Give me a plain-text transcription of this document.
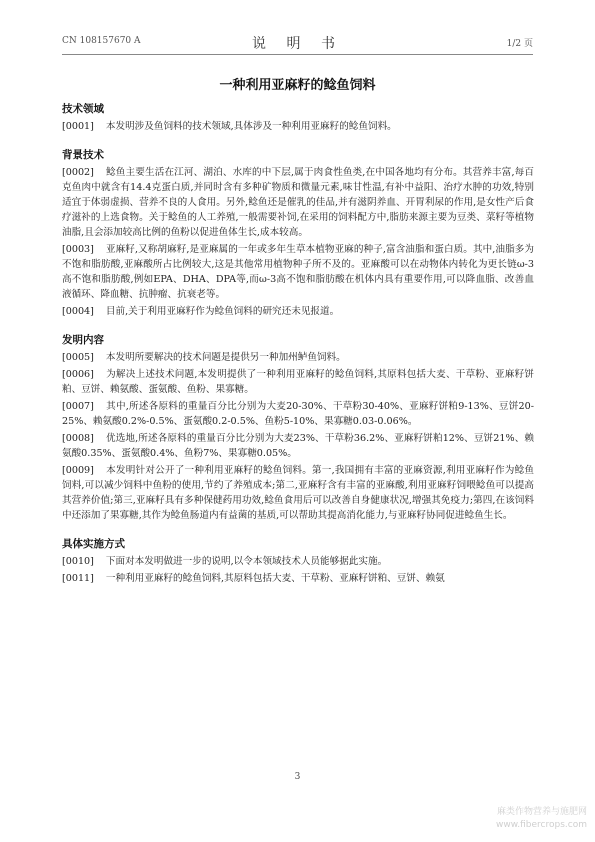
CN 108157670 A	说 明 书	1/2 页
一种利用亚麻籽的鲶鱼饲料
技术领域

[0001] 本发明涉及鱼饲料的技术领域,具体涉及一种利用亚麻籽的鲶鱼饲料。

背景技术

[0002] 鲶鱼主要生活在江河、湖泊、水库的中下层,属于肉食性鱼类,在中国各地均有分布。其营养丰富,每百克鱼肉中就含有14.4克蛋白质,并同时含有多种矿物质和微量元素,味甘性温,有补中益阳、治疗水肿的功效,特别适宜于体弱虚损、营养不良的人食用。另外,鲶鱼还是催乳的佳品,并有滋阴养血、开胃利尿的作用,是女性产后食疗滋补的上选食物。关于鲶鱼的人工养殖,一般需要补饲,在采用的饲料配方中,脂肪来源主要为豆类、菜籽等植物油脂,且会添加较高比例的鱼粉以促进鱼体生长,成本较高。

[0003] 亚麻籽,又称胡麻籽,是亚麻属的一年或多年生草本植物亚麻的种子,富含油脂和蛋白质。其中,油脂多为不饱和脂肪酸,亚麻酸所占比例较大,这是其他常用植物种子所不及的。亚麻酸可以在动物体内转化为更长链ω-3高不饱和脂肪酸,例如EPA、DHA、DPA等,而ω-3高不饱和脂肪酸在机体内具有重要作用,可以降血脂、改善血液循环、降血糖、抗肿瘤、抗衰老等。

[0004] 目前,关于利用亚麻籽作为鲶鱼饲料的研究还未见报道。

发明内容

[0005] 本发明所要解决的技术问题是提供另一种加州鲈鱼饲料。

[0006] 为解决上述技术问题,本发明提供了一种利用亚麻籽的鲶鱼饲料,其原料包括大麦、干草粉、亚麻籽饼粕、豆饼、赖氨酸、蛋氨酸、鱼粉、果寡糖。

[0007] 其中,所述各原料的重量百分比分别为大麦20-30%、干草粉30-40%、亚麻籽饼粕9-13%、豆饼20-25%、赖氨酸0.2%-0.5%、蛋氨酸0.2-0.5%、鱼粉5-10%、果寡糖0.03-0.06%。

[0008] 优选地,所述各原料的重量百分比分别为大麦23%、干草粉36.2%、亚麻籽饼粕12%、豆饼21%、赖氨酸0.35%、蛋氨酸0.4%、鱼粉7%、果寡糖0.05%。

[0009] 本发明针对公开了一种利用亚麻籽的鲶鱼饲料。第一,我国拥有丰富的亚麻资源,利用亚麻籽作为鲶鱼饲料,可以减少饲料中鱼粉的使用,节约了养殖成本;第二,亚麻籽含有丰富的亚麻酸,利用亚麻籽饲喂鲶鱼可以提高其营养价值;第三,亚麻籽具有多种保健药用功效,鲶鱼食用后可以改善自身健康状况,增强其免疫力;第四,在该饲料中还添加了果寡糖,其作为鲶鱼肠道内有益菌的基质,可以帮助其提高消化能力,与亚麻籽协同促进鲶鱼生长。

具体实施方式

[0010] 下面对本发明做进一步的说明,以令本领域技术人员能够据此实施。

[0011] 一种利用亚麻籽的鲶鱼饲料,其原料包括大麦、干草粉、亚麻籽饼粕、豆饼、赖氨

3
麻类作物营养与施肥网
www.fibercrops.com
